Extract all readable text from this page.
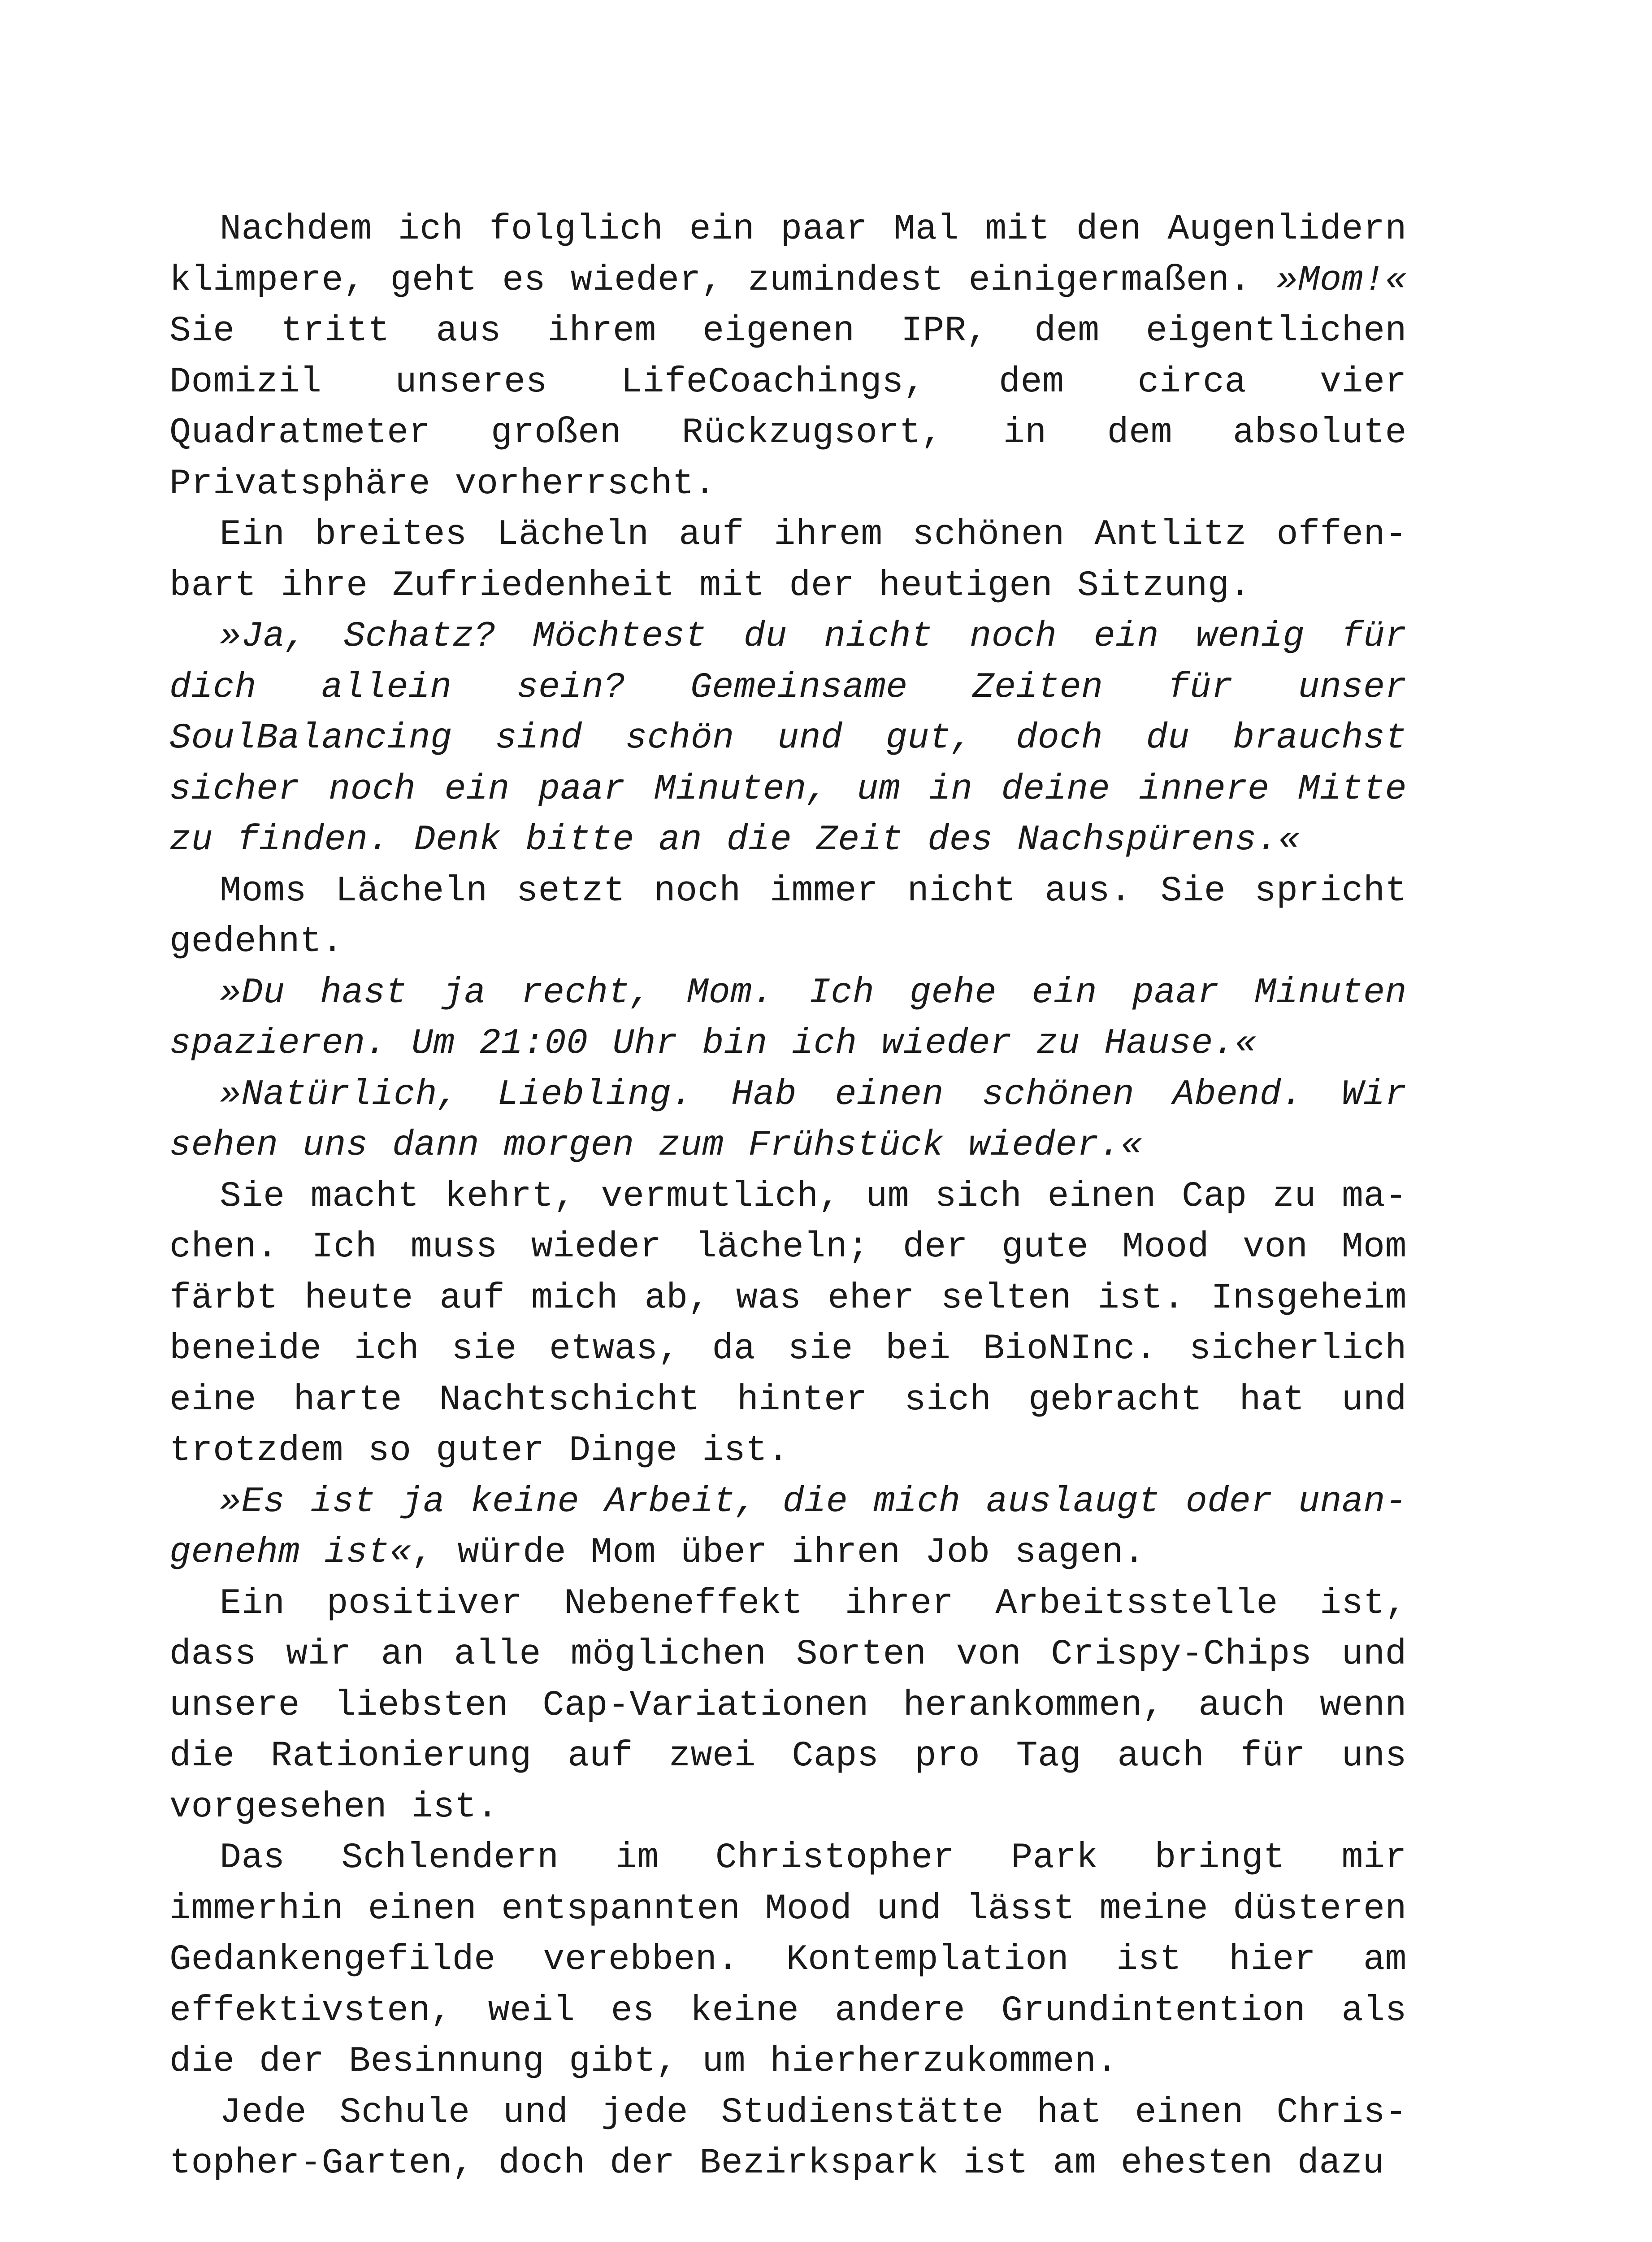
Nachdem ich folglich ein paar Mal mit den Augenlidern klimpere, geht es wieder, zumindest einigermaßen. »Mom!« Sie tritt aus ihrem eigenen IPR, dem eigentlichen Domizil unseres LifeCoachings, dem circa vier Quadratmeter großen Rückzugsort, in dem absolute Privatsphäre vorherrscht.

Ein breites Lächeln auf ihrem schönen Antlitz offenbart ihre Zufriedenheit mit der heutigen Sitzung.

»Ja, Schatz? Möchtest du nicht noch ein wenig für dich allein sein? Gemeinsame Zeiten für unser SoulBalancing sind schön und gut, doch du brauchst sicher noch ein paar Minuten, um in deine innere Mitte zu finden. Denk bitte an die Zeit des Nachspürens.«

Moms Lächeln setzt noch immer nicht aus. Sie spricht gedehnt.

»Du hast ja recht, Mom. Ich gehe ein paar Minuten spazieren. Um 21:00 Uhr bin ich wieder zu Hause.«

»Natürlich, Liebling. Hab einen schönen Abend. Wir sehen uns dann morgen zum Frühstück wieder.«

Sie macht kehrt, vermutlich, um sich einen Cap zu machen. Ich muss wieder lächeln; der gute Mood von Mom färbt heute auf mich ab, was eher selten ist. Insgeheim beneide ich sie etwas, da sie bei BioNInc. sicherlich eine harte Nachtschicht hinter sich gebracht hat und trotzdem so guter Dinge ist.

»Es ist ja keine Arbeit, die mich auslaugt oder unangenehm ist«, würde Mom über ihren Job sagen.

Ein positiver Nebeneffekt ihrer Arbeitsstelle ist, dass wir an alle möglichen Sorten von Crispy-Chips und unsere liebsten Cap-Variationen herankommen, auch wenn die Rationierung auf zwei Caps pro Tag auch für uns vorgesehen ist.

Das Schlendern im Christopher Park bringt mir immerhin einen entspannten Mood und lässt meine düsteren Gedankengefilde verebben. Kontemplation ist hier am effektivsten, weil es keine andere Grundintention als die der Besinnung gibt, um hierherzukommen.

Jede Schule und jede Studienstätte hat einen Christopher-Garten, doch der Bezirkspark ist am ehesten dazu
